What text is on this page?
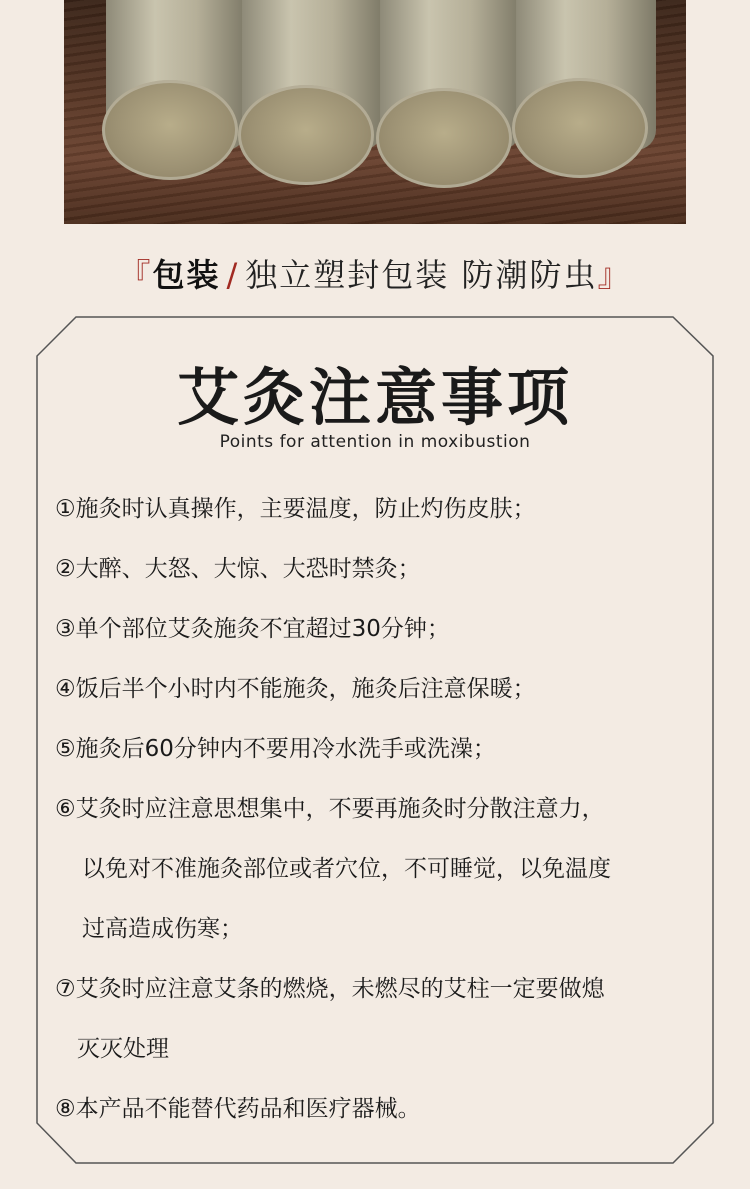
『包装 / 独立塑封包装 防潮防虫』
艾灸注意事项
Points for attention in moxibustion
①施灸时认真操作，主要温度，防止灼伤皮肤；
②大醉、大怒、大惊、大恐时禁灸；
③单个部位艾灸施灸不宜超过30分钟；
④饭后半个小时内不能施灸，施灸后注意保暖；
⑤施灸后60分钟内不要用冷水洗手或洗澡；
⑥艾灸时应注意思想集中，不要再施灸时分散注意力，
以免对不准施灸部位或者穴位，不可睡觉，以免温度
过高造成伤寒；
⑦艾灸时应注意艾条的燃烧，未燃尽的艾柱一定要做熄
灭灭处理
⑧本产品不能替代药品和医疗器械。
